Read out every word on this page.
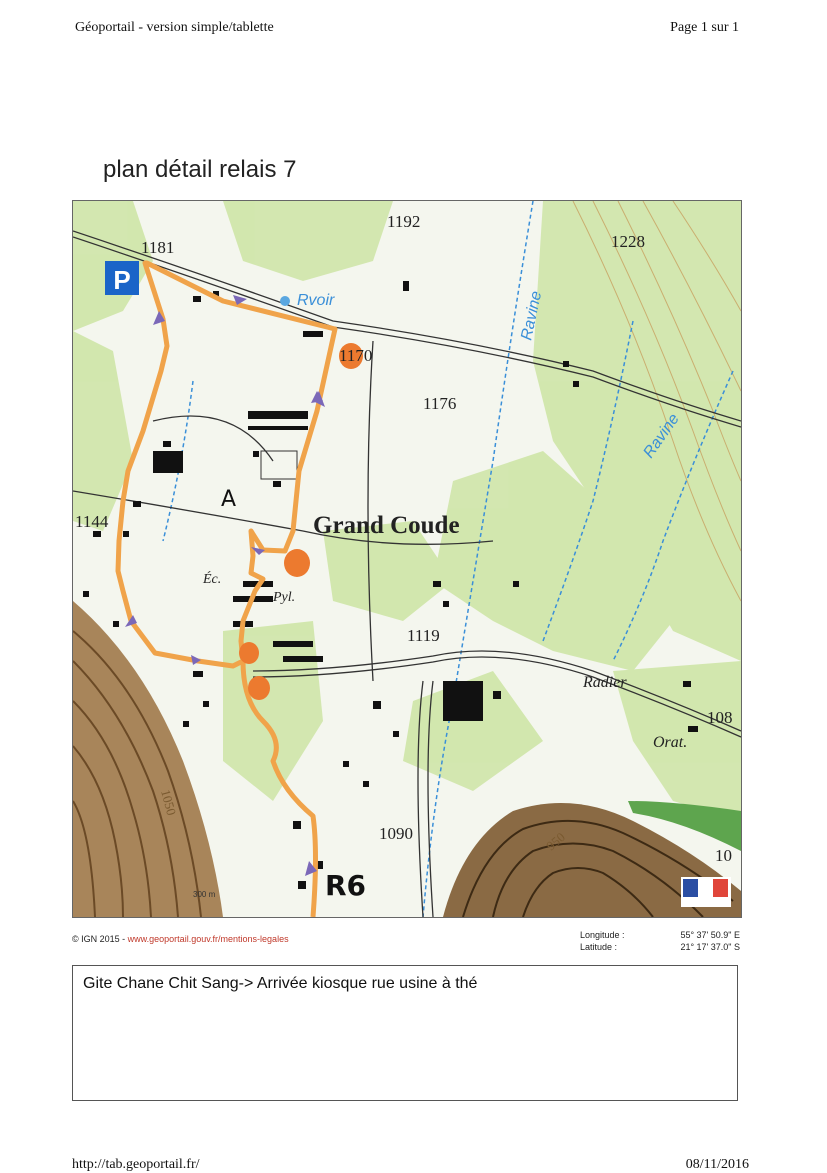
Géoportail - version simple/tablette	Page 1 sur 1
plan détail relais 7
P
1192
1228
1181
1170
1176
1144
1119
1090
108
10
Grand Coude
Éc.
Pyl.
Radier
Orat.
Rvoir	Ravine
Ravine
1050
950
A
R6
300 m
© IGN 2015 - www.geoportail.gouv.fr/mentions-legales	Longitude :	55° 37' 50.9" E
Latitude :	21° 17' 37.0" S
Gite Chane Chit Sang-> Arrivée kiosque rue usine à thé
http://tab.geoportail.fr/	08/11/2016
